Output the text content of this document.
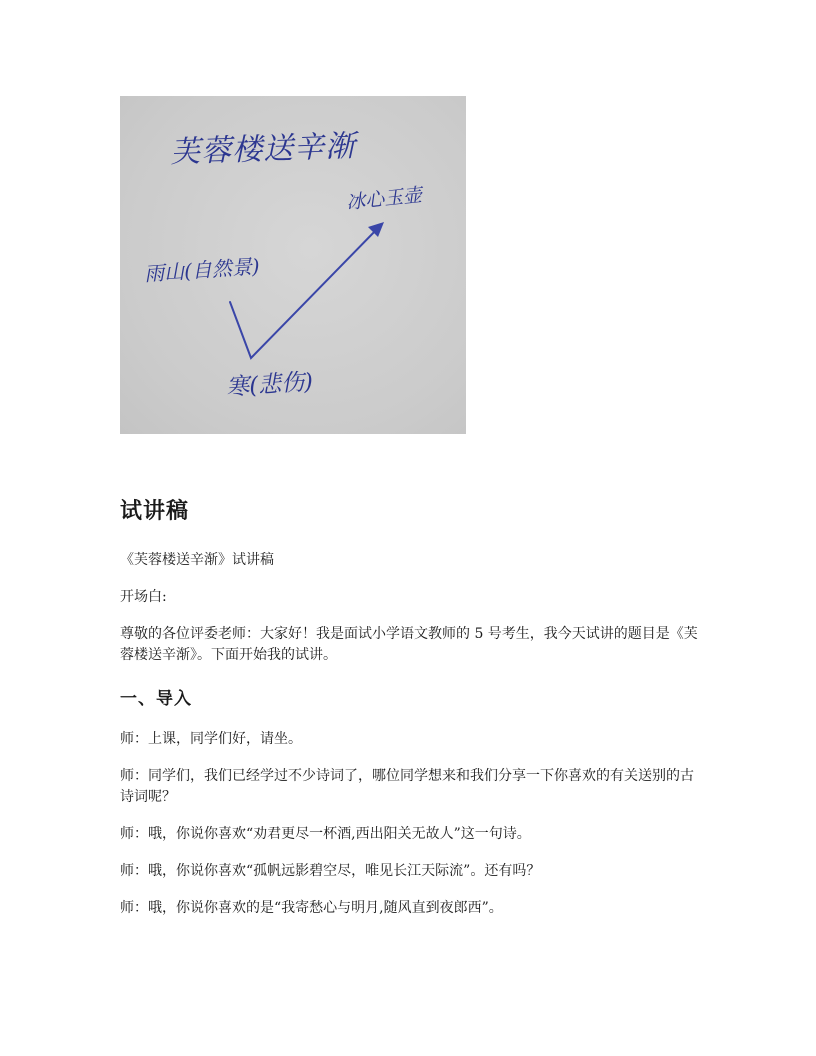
芙蓉楼送辛渐
冰心玉壶
雨山(自然景)
寒(悲伤)
试讲稿

《芙蓉楼送辛渐》试讲稿

开场白:

尊敬的各位评委老师：大家好！我是面试小学语文教师的 5 号考生，我今天试讲的题目是《芙蓉楼送辛渐》。下面开始我的试讲。

一、导入

师：上课，同学们好，请坐。

师：同学们，我们已经学过不少诗词了，哪位同学想来和我们分享一下你喜欢的有关送别的古诗词呢？

师：哦，你说你喜欢“劝君更尽一杯酒,西出阳关无故人”这一句诗。

师：哦，你说你喜欢“孤帆远影碧空尽，唯见长江天际流”。还有吗？

师：哦，你说你喜欢的是“我寄愁心与明月,随风直到夜郎西”。
